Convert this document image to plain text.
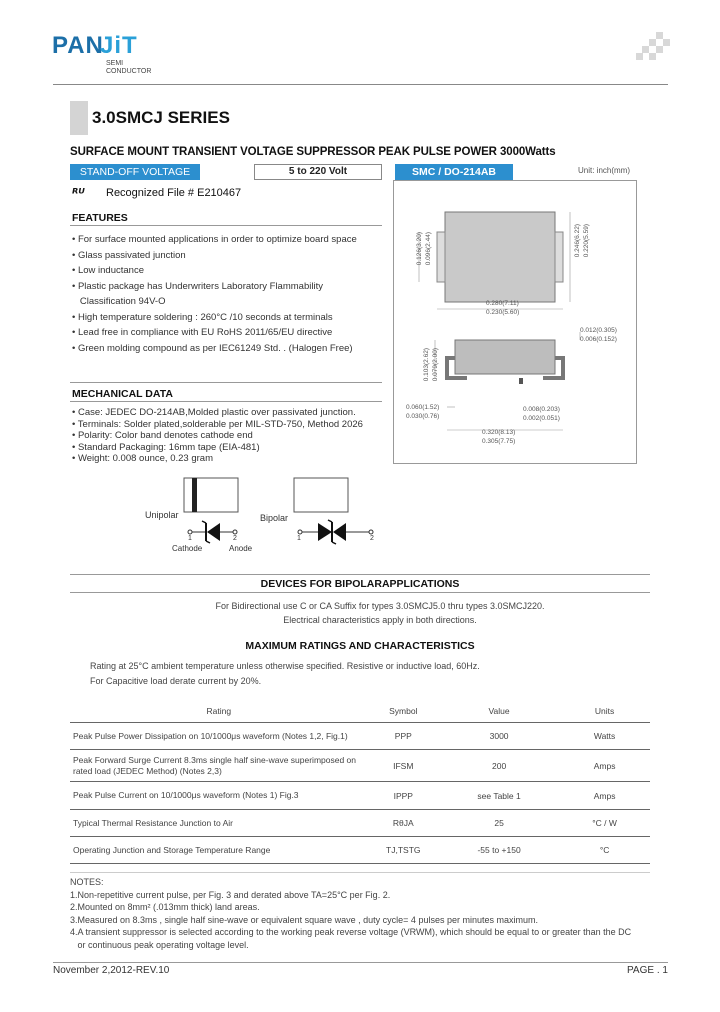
PAN
JiT
SEMI
CONDUCTOR
3.0SMCJ SERIES
SURFACE MOUNT TRANSIENT VOLTAGE SUPPRESSOR PEAK PULSE POWER 3000Watts
STAND-OFF VOLTAGE	5 to 220 Volt	SMC / DO-214AB	Unit: inch(mm)
ᴿᵁ Recognized File # E210467
FEATURES
• For surface mounted applications in order to optimize board space
• Glass passivated junction
• Low inductance
• Plastic package has Underwriters Laboratory Flammability
Classification 94V-O
• High temperature soldering : 260°C /10 seconds at terminals
• Lead free in compliance with EU RoHS 2011/65/EU directive
• Green molding compound as per IEC61249 Std. . (Halogen Free)
MECHANICAL DATA
• Case: JEDEC DO-214AB,Molded plastic over passivated junction.
• Terminals: Solder plated,solderable per MIL-STD-750, Method 2026
• Polarity: Color band denotes cathode end
• Standard Packaging: 16mm tape (EIA-481)
• Weight: 0.008 ounce, 0.23 gram
Unipolar	Bipolar
Cathode	Anode
1	2	1	2
0.280(7.11)
0.230(5.60)
0.126(3.20) 0.096(2.44)	0.246(6.22) 0.220(5.59)
0.012(0.305)
0.006(0.152)
0.103(2.62) 0.079(2.00)
0.060(1.52)
0.030(0.76)
0.008(0.203)
0.002(0.051)
0.320(8.13)
0.305(7.75)
DEVICES FOR BIPOLARAPPLICATIONS
For Bidirectional use C or CA Suffix for types 3.0SMCJ5.0 thru types 3.0SMCJ220.
Electrical characteristics apply in both directions.
MAXIMUM RATINGS AND CHARACTERISTICS
Rating at 25°C ambient temperature unless otherwise specified. Resistive or inductive load, 60Hz.
For Capacitive load derate current by 20%.
Rating	Symbol	Value	Units
Peak Pulse Power Dissipation on 10/1000μs waveform (Notes 1,2, Fig.1)	PPP	3000	Watts
Peak Forward Surge Current 8.3ms single half sine-wave superimposed on rated load (JEDEC Method) (Notes 2,3)	IFSM	200	Amps
Peak Pulse Current on 10/1000μs waveform (Notes 1) Fig.3	IPPP	see Table 1	Amps
Typical Thermal Resistance Junction to Air	RθJA	25	°C / W
Operating Junction and Storage Temperature Range	TJ,TSTG	-55 to +150	°C
NOTES:
1.Non-repetitive current pulse, per Fig. 3 and derated above TA=25°C per Fig. 2.
2.Mounted on 8mm² (.013mm thick) land areas.
3.Measured on 8.3ms , single half sine-wave or equivalent square wave , duty cycle= 4 pulses per minutes maximum.
4.A transient suppressor is selected according to the working peak reverse voltage (VRWM), which should be equal to or greater than the DC
or continuous peak operating voltage level.
November 2,2012-REV.10	PAGE . 1
